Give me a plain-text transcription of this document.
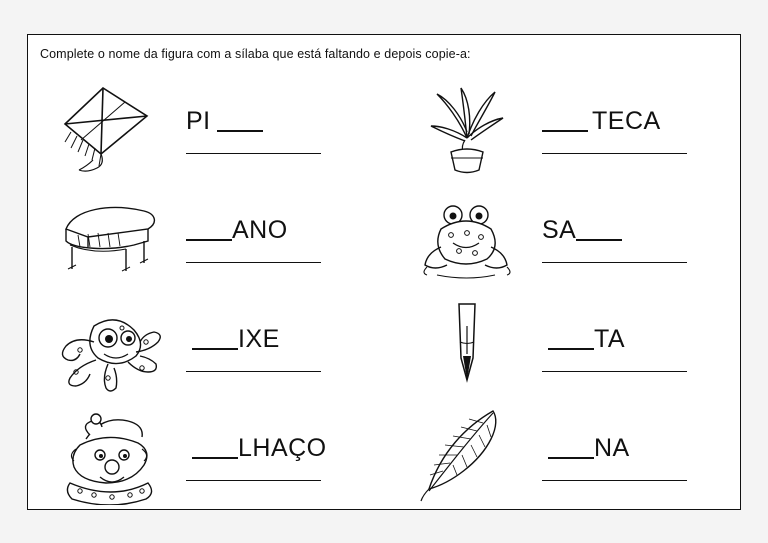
Complete o nome da figura com a sílaba que está faltando e depois copie-a:
PI	TECA
ANO	SA
IXE	TA
LHAÇO	NA
